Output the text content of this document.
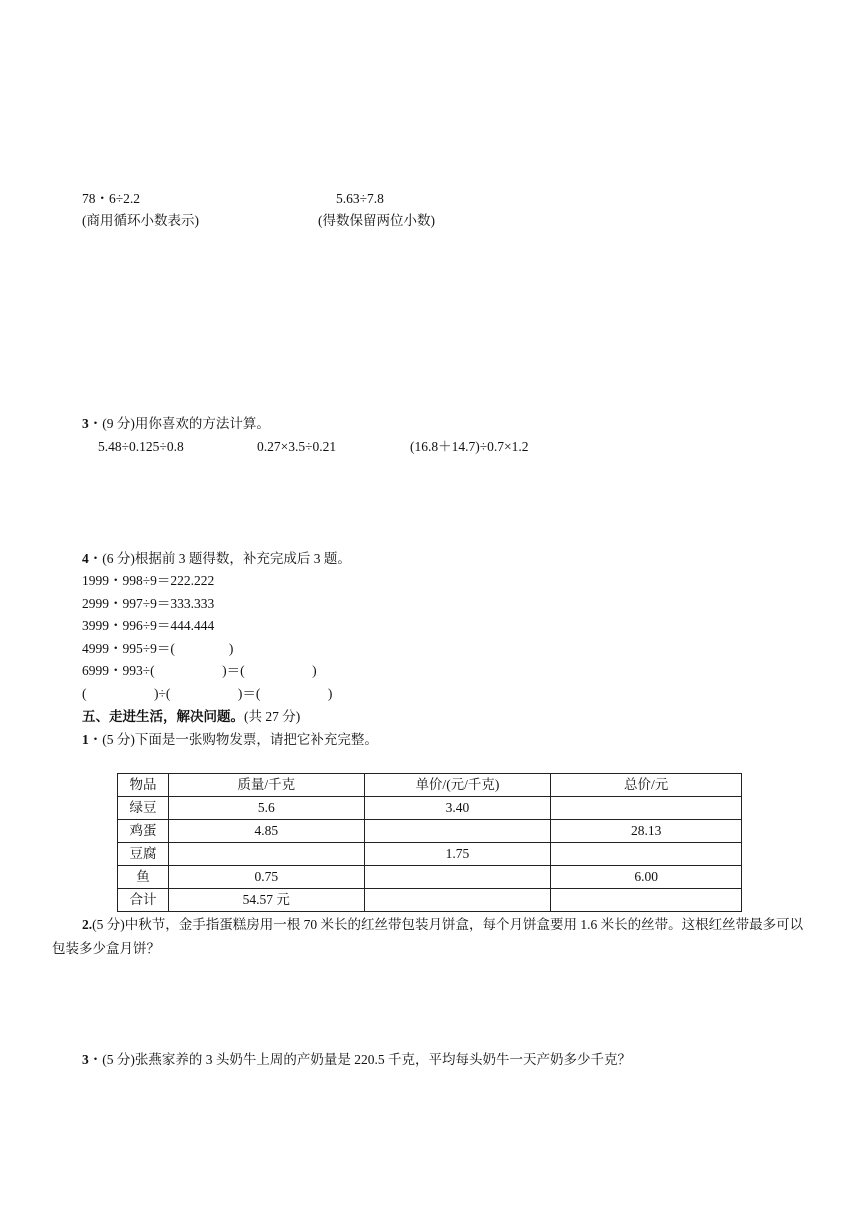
78・6÷2.2
(商用循环小数表示)
5.63÷7.8
(得数保留两位小数)
3・(9 分)用你喜欢的方法计算。
5.48÷0.125÷0.8	0.27×3.5÷0.21	(16.8＋14.7)÷0.7×1.2
4・(6 分)根据前 3 题得数，补充完成后 3 题。
1999・998÷9＝222.222
2999・997÷9＝333.333
3999・996÷9＝444.444
4999・995÷9＝(　　　　)
6999・993÷(　　　　　)＝(　　　　　)
(　　　　　)÷(　　　　　)＝(　　　　　)
五、走进生活，解决问题。(共 27 分)
1・(5 分)下面是一张购物发票，请把它补充完整。
物品	质量/千克	单价/(元/千克)	总价/元
绿豆	5.6	3.40	
鸡蛋	4.85		28.13
豆腐		1.75	
鱼	0.75		6.00
合计	54.57 元		
2.(5 分)中秋节，金手指蛋糕房用一根 70 米长的红丝带包装月饼盒，每个月饼盒要用 1.6 米长的丝带。这根红丝带最多可以包装多少盒月饼？
3・(5 分)张燕家养的 3 头奶牛上周的产奶量是 220.5 千克，平均每头奶牛一天产奶多少千克？
